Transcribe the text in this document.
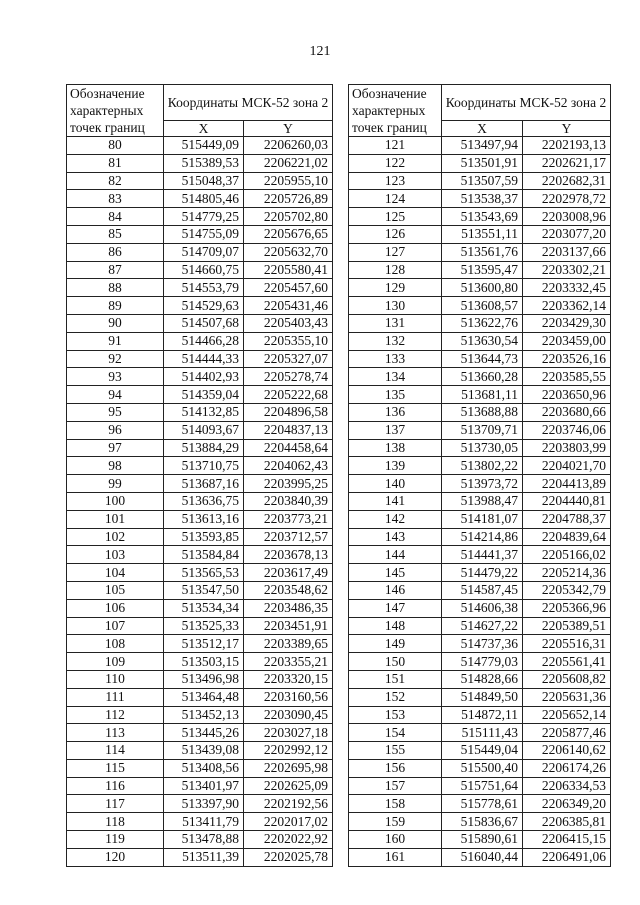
121
Обозначение характерных точек границ	Координаты МСК-52 зона 2	
	X	Y
80	515449,09	2206260,03
81	515389,53	2206221,02
82	515048,37	2205955,10
83	514805,46	2205726,89
84	514779,25	2205702,80
85	514755,09	2205676,65
86	514709,07	2205632,70
87	514660,75	2205580,41
88	514553,79	2205457,60
89	514529,63	2205431,46
90	514507,68	2205403,43
91	514466,28	2205355,10
92	514444,33	2205327,07
93	514402,93	2205278,74
94	514359,04	2205222,68
95	514132,85	2204896,58
96	514093,67	2204837,13
97	513884,29	2204458,64
98	513710,75	2204062,43
99	513687,16	2203995,25
100	513636,75	2203840,39
101	513613,16	2203773,21
102	513593,85	2203712,57
103	513584,84	2203678,13
104	513565,53	2203617,49
105	513547,50	2203548,62
106	513534,34	2203486,35
107	513525,33	2203451,91
108	513512,17	2203389,65
109	513503,15	2203355,21
110	513496,98	2203320,15
111	513464,48	2203160,56
112	513452,13	2203090,45
113	513445,26	2203027,18
114	513439,08	2202992,12
115	513408,56	2202695,98
116	513401,97	2202625,09
117	513397,90	2202192,56
118	513411,79	2202017,02
119	513478,88	2202022,92
120	513511,39	2202025,78
Обозначение характерных точек границ	Координаты МСК-52 зона 2	
	X	Y
121	513497,94	2202193,13
122	513501,91	2202621,17
123	513507,59	2202682,31
124	513538,37	2202978,72
125	513543,69	2203008,96
126	513551,11	2203077,20
127	513561,76	2203137,66
128	513595,47	2203302,21
129	513600,80	2203332,45
130	513608,57	2203362,14
131	513622,76	2203429,30
132	513630,54	2203459,00
133	513644,73	2203526,16
134	513660,28	2203585,55
135	513681,11	2203650,96
136	513688,88	2203680,66
137	513709,71	2203746,06
138	513730,05	2203803,99
139	513802,22	2204021,70
140	513973,72	2204413,89
141	513988,47	2204440,81
142	514181,07	2204788,37
143	514214,86	2204839,64
144	514441,37	2205166,02
145	514479,22	2205214,36
146	514587,45	2205342,79
147	514606,38	2205366,96
148	514627,22	2205389,51
149	514737,36	2205516,31
150	514779,03	2205561,41
151	514828,66	2205608,82
152	514849,50	2205631,36
153	514872,11	2205652,14
154	515111,43	2205877,46
155	515449,04	2206140,62
156	515500,40	2206174,26
157	515751,64	2206334,53
158	515778,61	2206349,20
159	515836,67	2206385,81
160	515890,61	2206415,15
161	516040,44	2206491,06
